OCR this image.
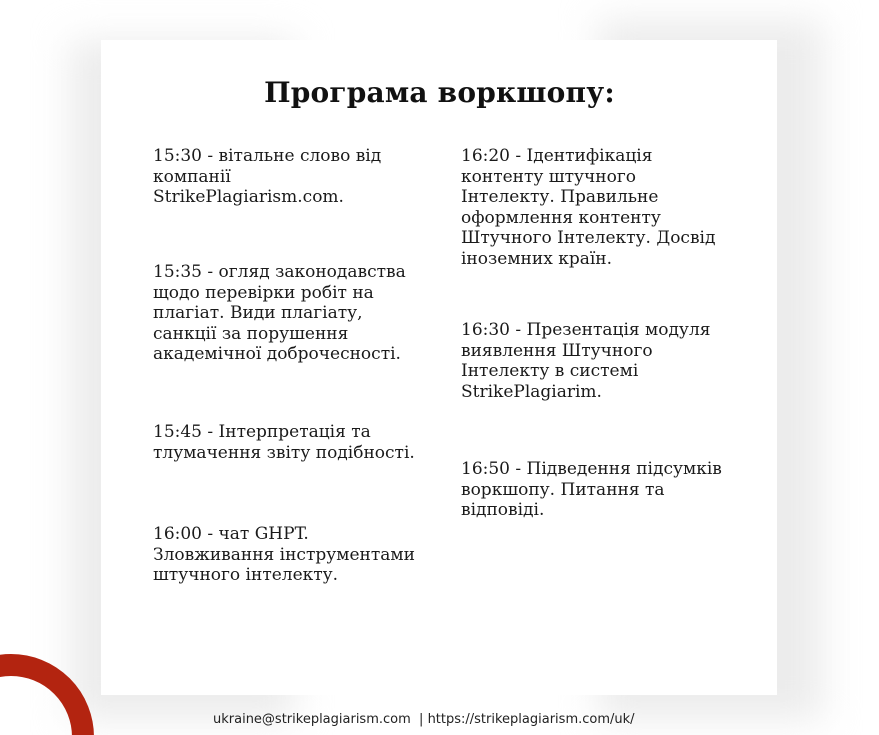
Програма воркшопу:
15:30 - вітальне слово від
компанії
StrikePlagiarism.com.
15:35 - огляд законодавства
щодо перевірки робіт на
плагіат. Види плагіату,
санкції за порушення
академічної доброчесності.
15:45 - Інтерпретація та
тлумачення звіту подібності.
16:00 - чат GHPT.
Зловживання інструментами
штучного інтелекту.
16:20 - Ідентифікація
контенту штучного
Інтелекту. Правильне
оформлення контенту
Штучного Інтелекту. Досвід
іноземних країн.
16:30 - Презентація модуля
виявлення Штучного
Інтелекту в системі
StrikePlagiarim.
16:50 - Підведення підсумків
воркшопу. Питання та
відповіді.
ukraine@strikeplagiarism.com  | https://strikeplagiarism.com/uk/
